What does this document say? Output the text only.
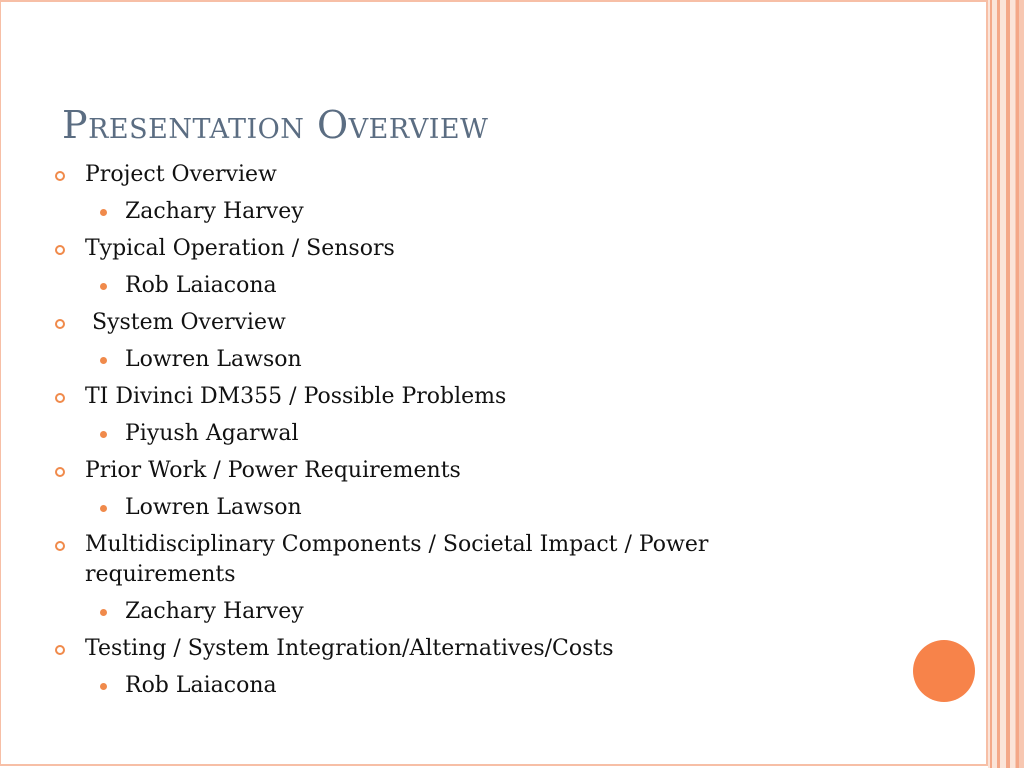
Presentation Overview
Project Overview
Zachary Harvey
Typical Operation / Sensors
Rob Laiacona
System Overview
Lowren Lawson
TI Divinci DM355 / Possible Problems
Piyush Agarwal
Prior Work / Power Requirements
Lowren Lawson
Multidisciplinary Components / Societal Impact / Power requirements
Zachary Harvey
Testing / System Integration/Alternatives/Costs
Rob Laiacona
